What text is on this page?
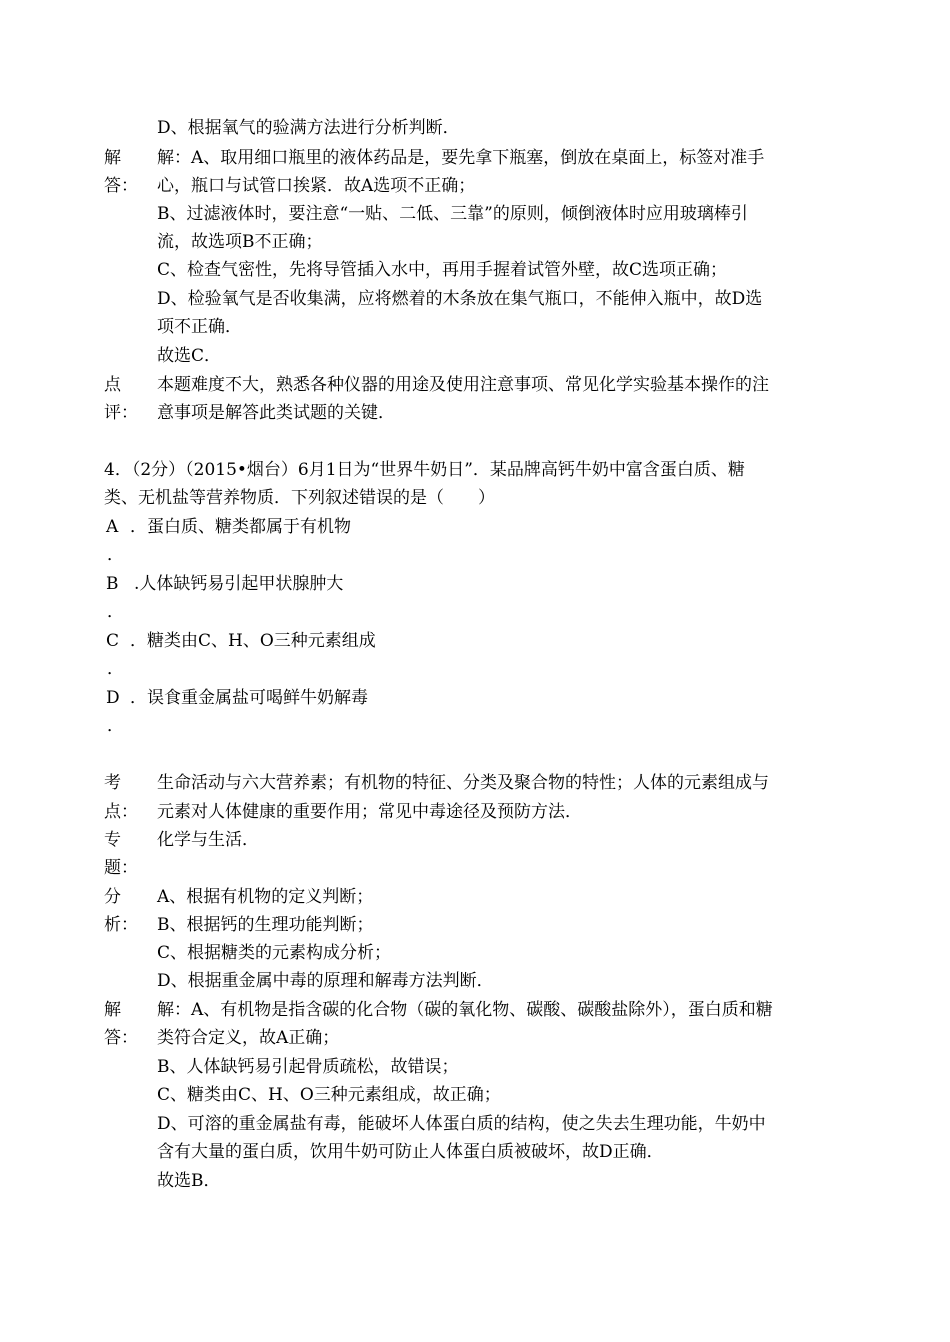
D、根据氧气的验满方法进行分析判断．
解
答：
解：A、取用细口瓶里的液体药品是，要先拿下瓶塞，倒放在桌面上，标签对准手
心，瓶口与试管口挨紧．故A选项不正确；
B、过滤液体时，要注意“一贴、二低、三靠”的原则，倾倒液体时应用玻璃棒引
流，故选项B不正确；
C、检查气密性，先将导管插入水中，再用手握着试管外壁，故C选项正确；
D、检验氧气是否收集满，应将燃着的木条放在集气瓶口，不能伸入瓶中，故D选
项不正确．
故选C．
点
评：
本题难度不大，熟悉各种仪器的用途及使用注意事项、常见化学实验基本操作的注
意事项是解答此类试题的关键．
4．（2分）（2015•烟台）6月1日为“世界牛奶日”．某品牌高钙牛奶中富含蛋白质、糖
类、无机盐等营养物质．下列叙述错误的是（　　）
A ．蛋白质、糖类都属于有机物
．
B .人体缺钙易引起甲状腺肿大
．
C ．糖类由C、H、O三种元素组成
．
D ．误食重金属盐可喝鲜牛奶解毒
．
考
点：
生命活动与六大营养素；有机物的特征、分类及聚合物的特性；人体的元素组成与
元素对人体健康的重要作用；常见中毒途径及预防方法．
专
题：
化学与生活．
分
析：
A、根据有机物的定义判断；
B、根据钙的生理功能判断；
C、根据糖类的元素构成分析；
D、根据重金属中毒的原理和解毒方法判断．
解
答：
解：A、有机物是指含碳的化合物（碳的氧化物、碳酸、碳酸盐除外），蛋白质和糖
类符合定义，故A正确；
B、人体缺钙易引起骨质疏松，故错误；
C、糖类由C、H、O三种元素组成，故正确；
D、可溶的重金属盐有毒，能破坏人体蛋白质的结构，使之失去生理功能，牛奶中
含有大量的蛋白质，饮用牛奶可防止人体蛋白质被破坏，故D正确．
故选B．
